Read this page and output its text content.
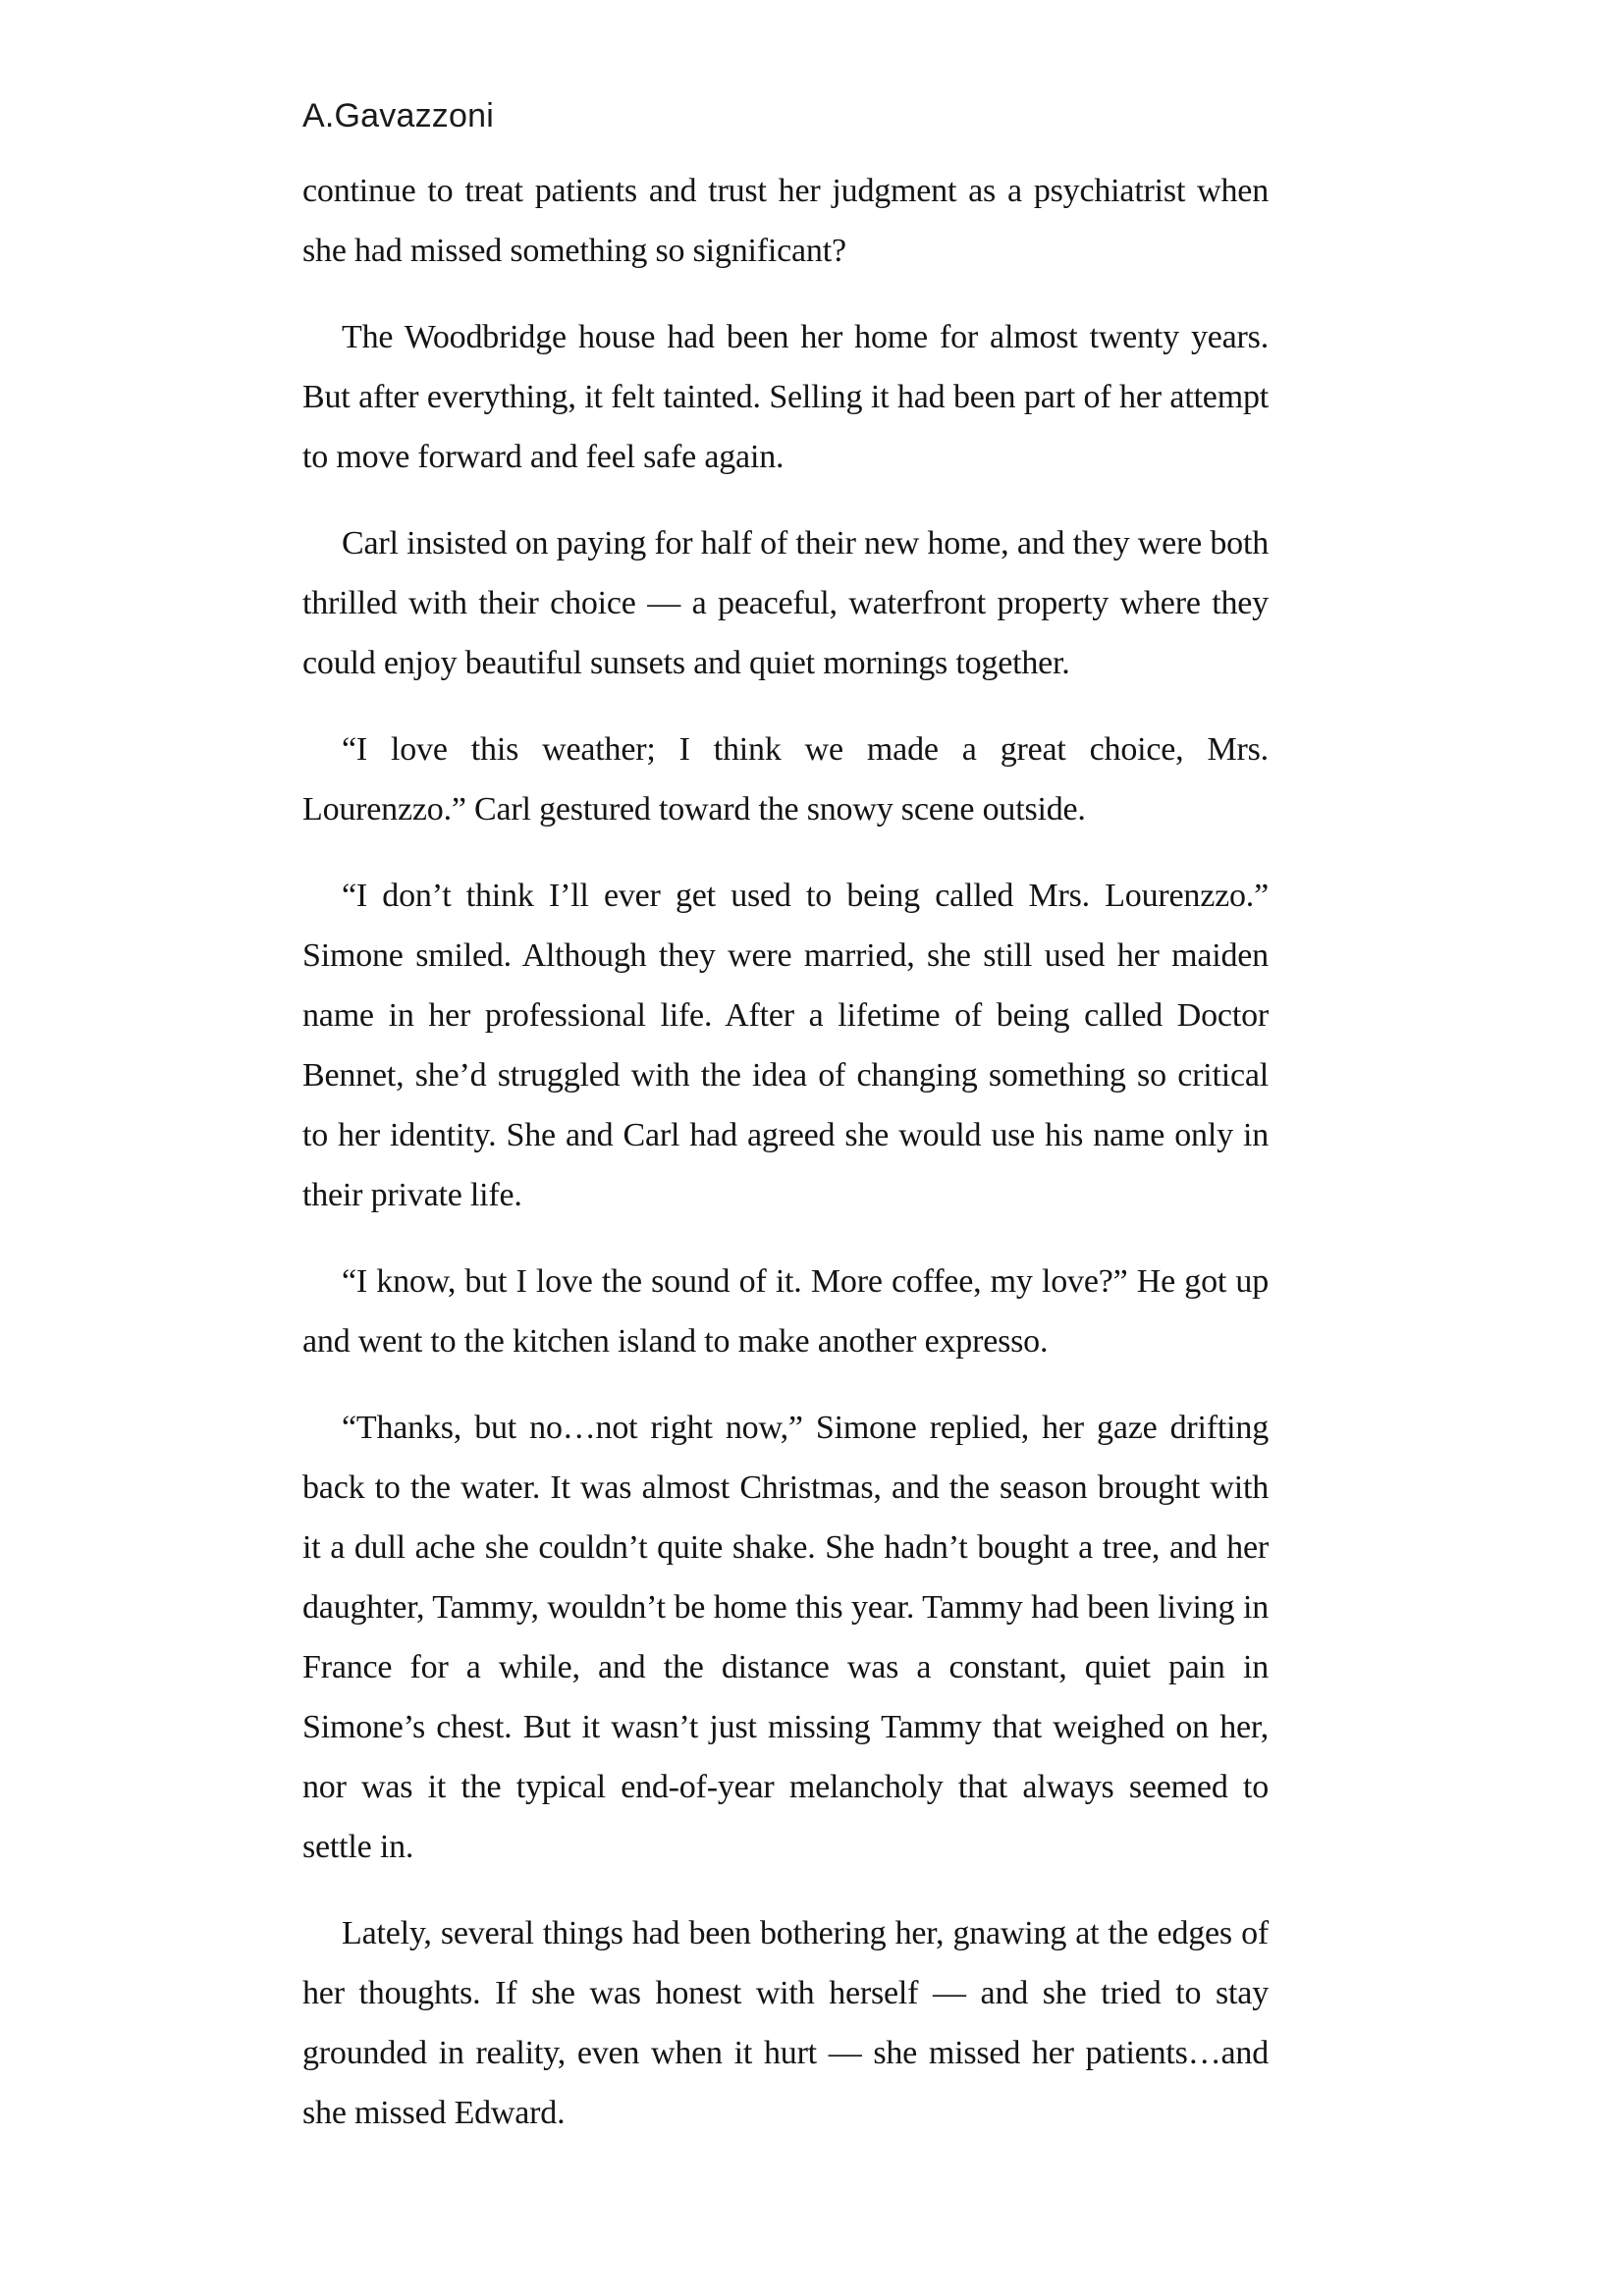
A.Gavazzoni

continue to treat patients and trust her judgment as a psychiatrist when she had missed something so significant?

The Woodbridge house had been her home for almost twenty years. But after everything, it felt tainted. Selling it had been part of her attempt to move forward and feel safe again.

Carl insisted on paying for half of their new home, and they were both thrilled with their choice — a peaceful, waterfront property where they could enjoy beautiful sunsets and quiet mornings together.

“I love this weather; I think we made a great choice, Mrs. Lourenzzo.” Carl gestured toward the snowy scene outside.

“I don’t think I’ll ever get used to being called Mrs. Lourenzzo.” Simone smiled. Although they were married, she still used her maiden name in her professional life. After a lifetime of being called Doctor Bennet, she’d struggled with the idea of changing something so critical to her identity. She and Carl had agreed she would use his name only in their private life.

“I know, but I love the sound of it. More coffee, my love?” He got up and went to the kitchen island to make another expresso.

“Thanks, but no…not right now,” Simone replied, her gaze drifting back to the water. It was almost Christmas, and the season brought with it a dull ache she couldn’t quite shake. She hadn’t bought a tree, and her daughter, Tammy, wouldn’t be home this year. Tammy had been living in France for a while, and the distance was a constant, quiet pain in Simone’s chest. But it wasn’t just missing Tammy that weighed on her, nor was it the typical end-of-year melancholy that always seemed to settle in.

Lately, several things had been bothering her, gnawing at the edges of her thoughts. If she was honest with herself — and she tried to stay grounded in reality, even when it hurt — she missed her patients…and she missed Edward.
